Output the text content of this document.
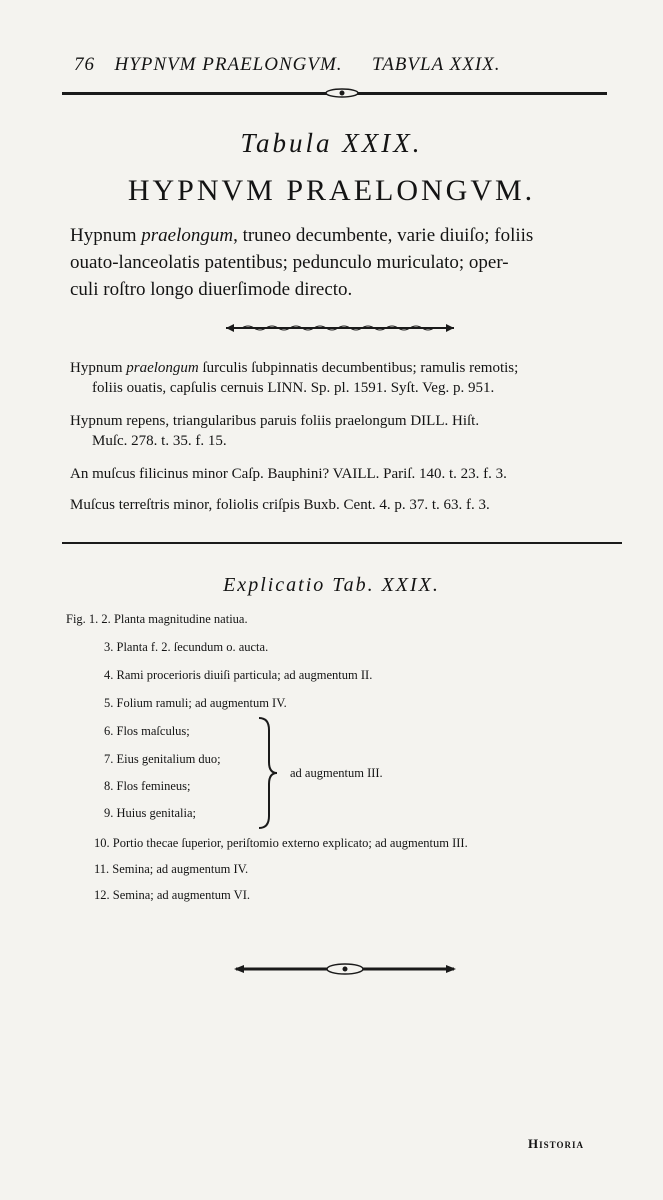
76 HYPNVM PRAELONGVM. TABVLA XXIX.
Tabula XXIX.
HYPNVM PRAELONGVM.

Hypnum praelongum, truneo decumbente, varie diuiſo; foliis

ouato-lanceolatis patentibus; pedunculo muriculato; oper-

culi roſtro longo diuerſimode directo.

Hypnum praelongum ſurculis ſubpinnatis decumbentibus; ramulis remotis;
foliis ouatis, capſulis cernuis LINN. Sp. pl. 1591. Syſt. Veg. p. 951.
Hypnum repens, triangularibus paruis foliis praelongum DILL. Hiſt.
Muſc. 278. t. 35. f. 15.
An muſcus filicinus minor Caſp. Bauphini? VAILL. Pariſ. 140. t. 23. f. 3.
Muſcus terreſtris minor, foliolis criſpis Buxb. Cent. 4. p. 37. t. 63. f. 3.
Explicatio Tab. XXIX.
Fig. 1. 2. Planta magnitudine natiua.
3. Planta f. 2. ſecundum o. aucta.
4. Rami procerioris diuiſi particula; ad augmentum II.
5. Folium ramuli; ad augmentum IV.
6. Flos maſculus;
7. Eius genitalium duo;
8. Flos femineus;
9. Huius genitalia;
ad augmentum III.
10. Portio thecae ſuperior, periſtomio externo explicato; ad augmentum III.
11. Semina; ad augmentum IV.
12. Semina; ad augmentum VI.
Historia
